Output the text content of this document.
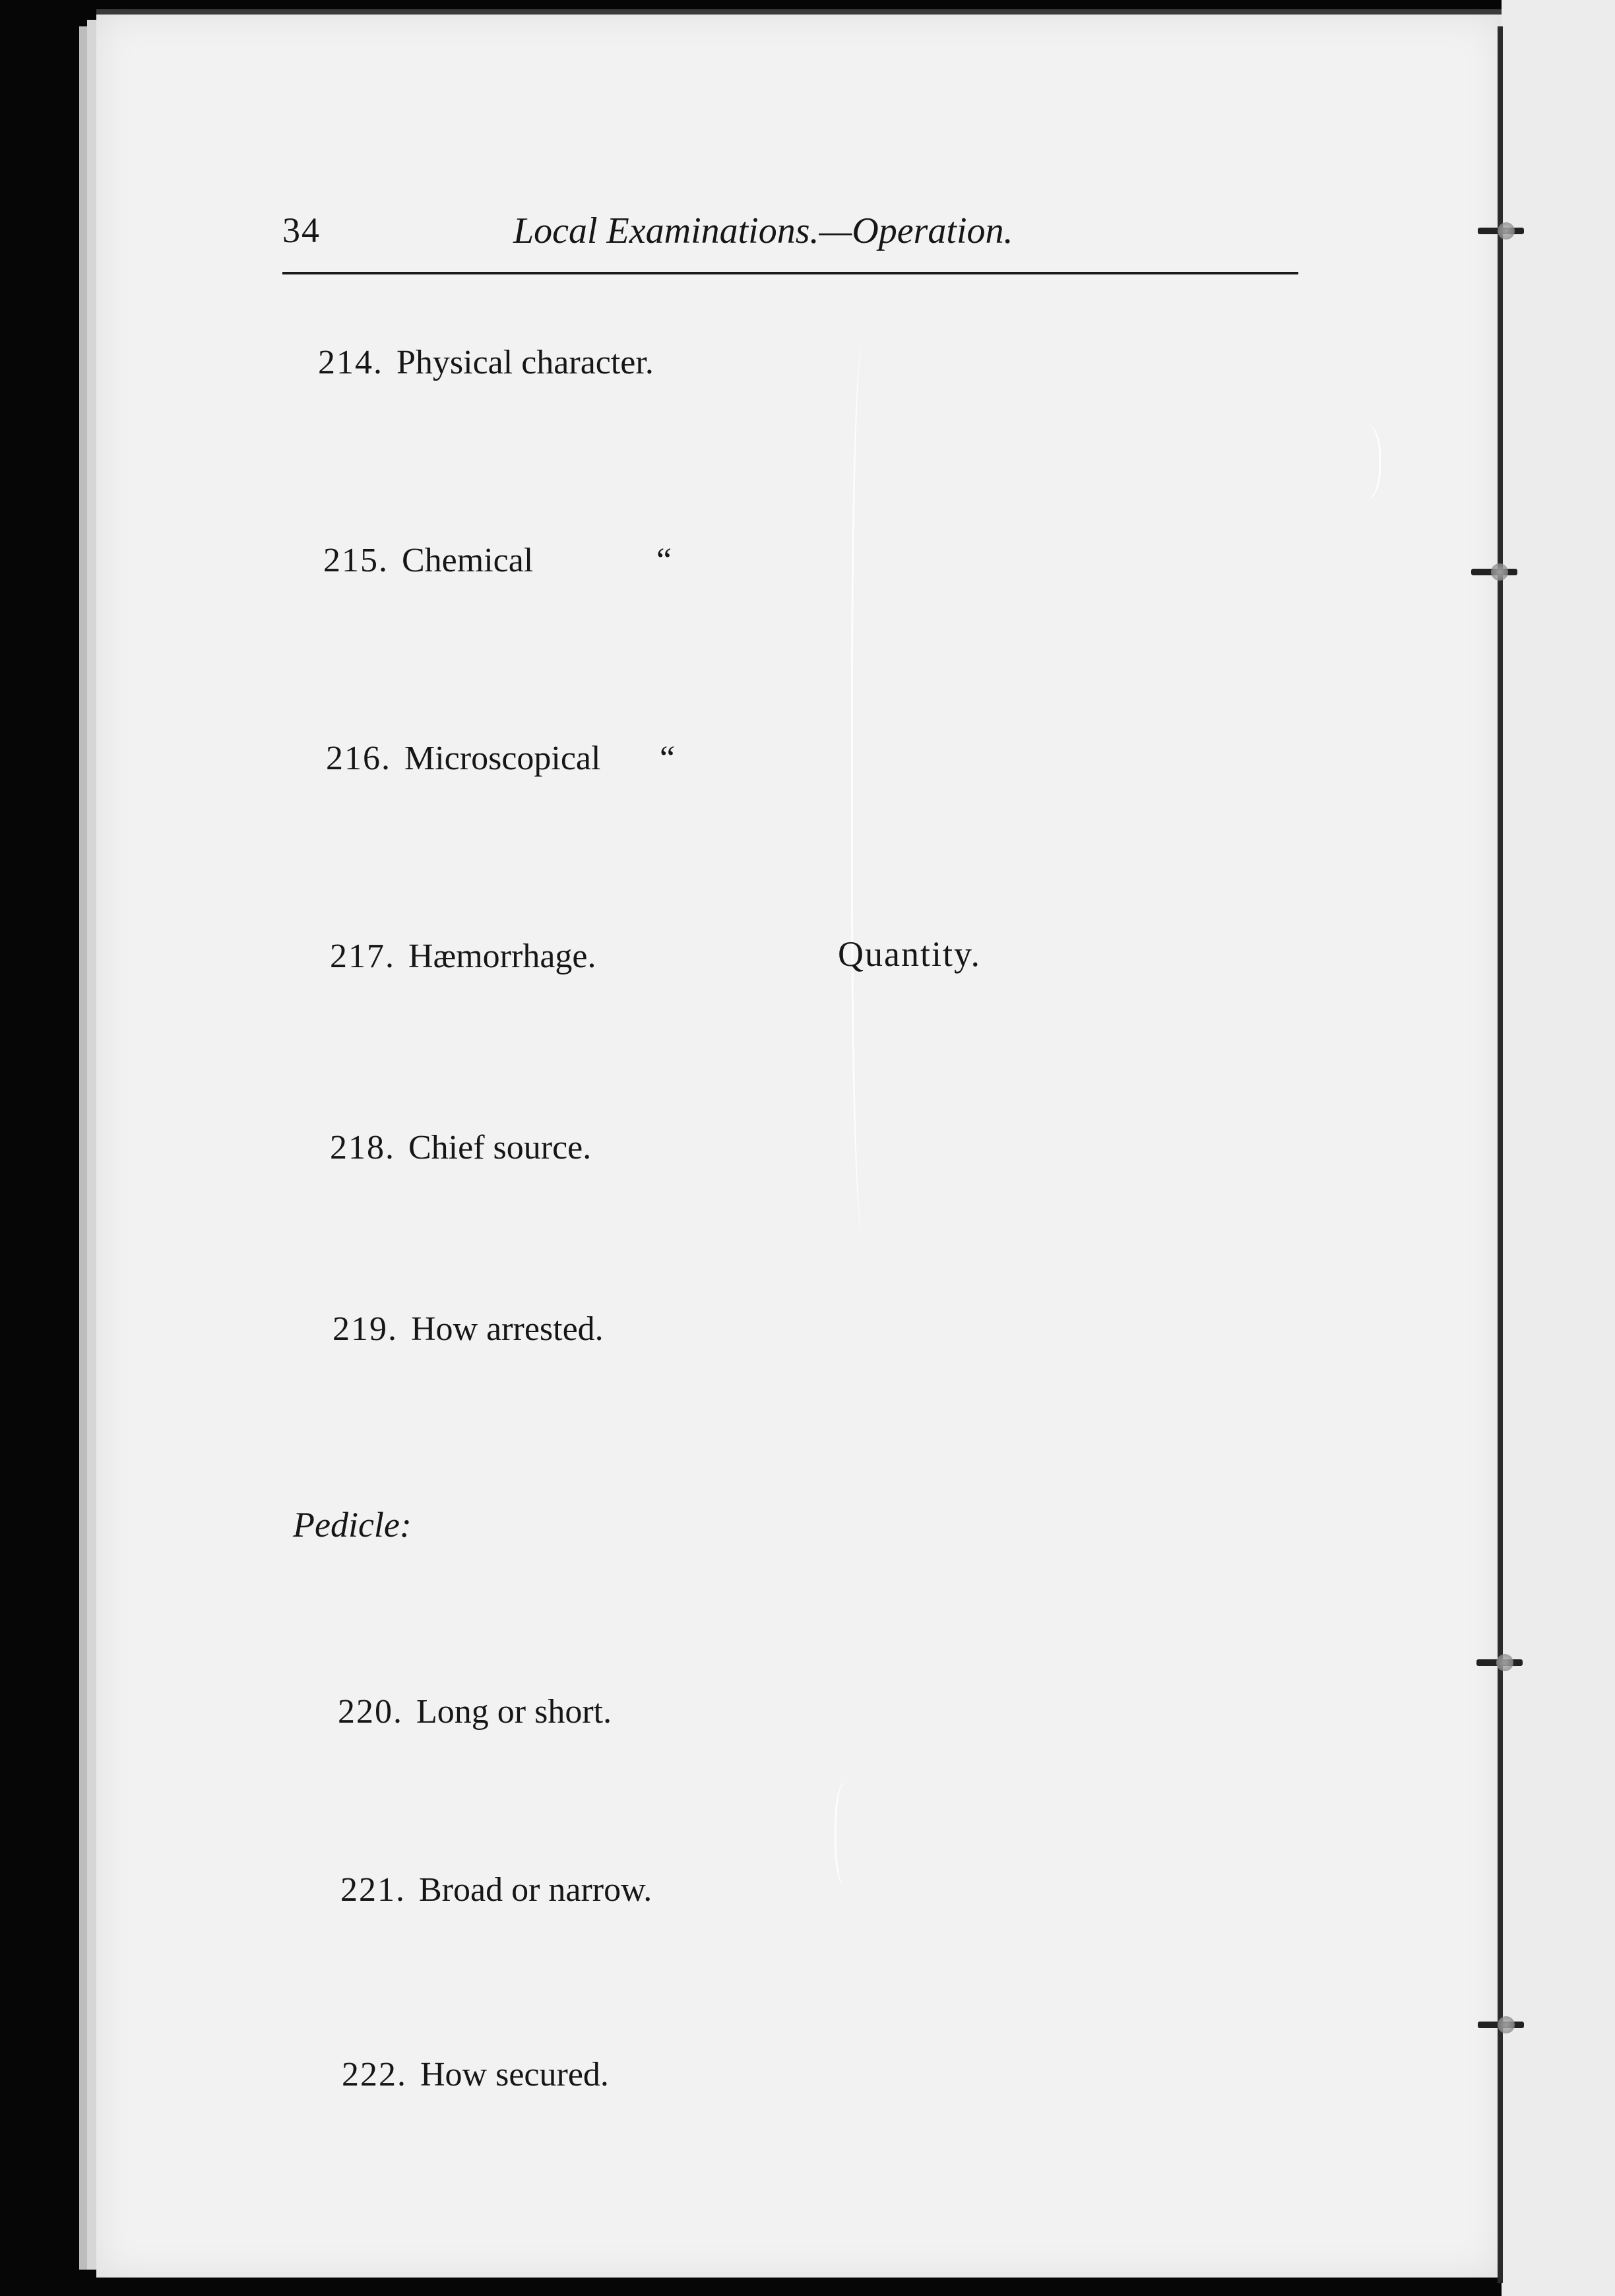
34	Local Examinations.—Operation.
214. Physical character.
215. Chemical	“
216. Microscopical “
217. Hæmorrhage.	Quantity.
218. Chief source.
219. How arrested.
Pedicle:
220. Long or short.
221. Broad or narrow.
222. How secured.
